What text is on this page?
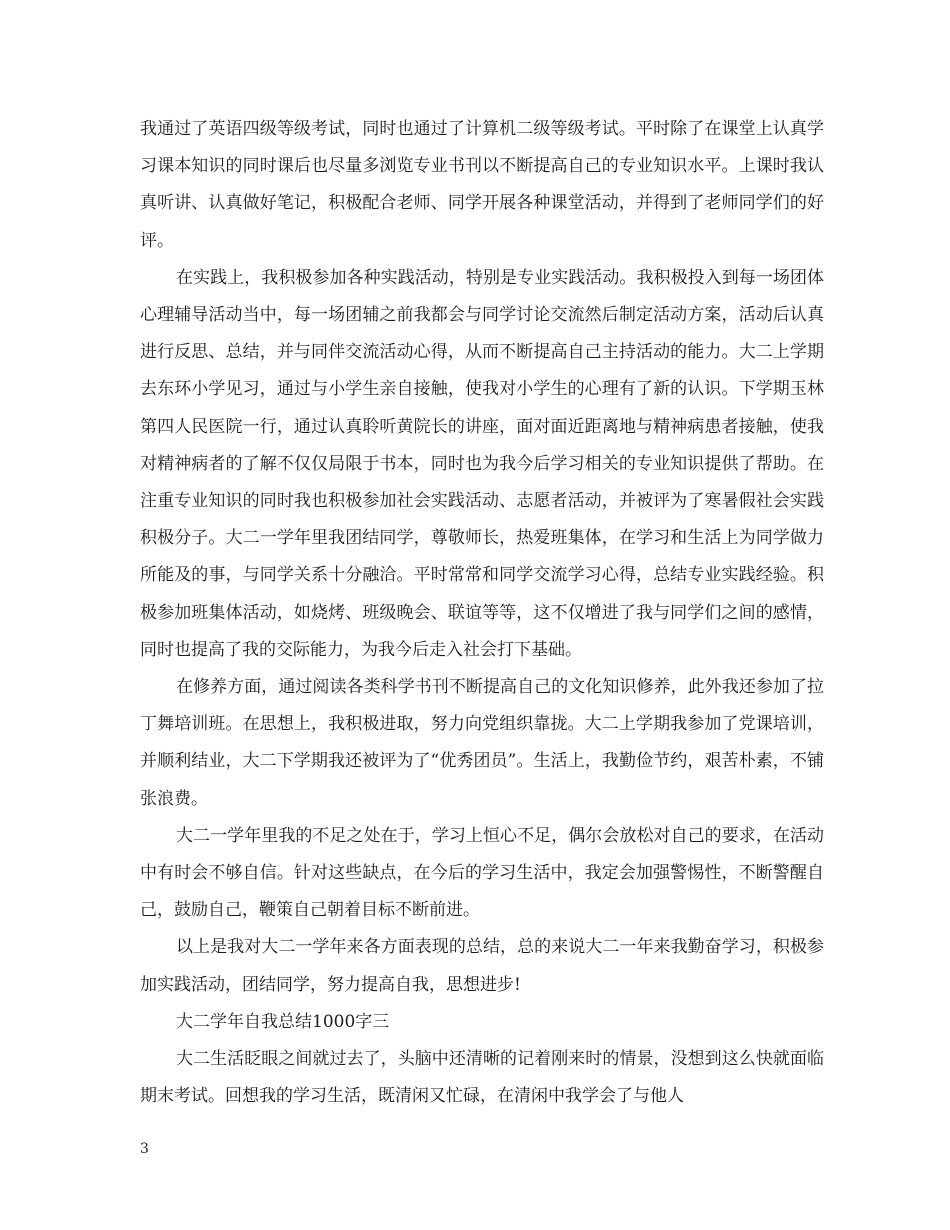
我通过了英语四级等级考试，同时也通过了计算机二级等级考试。平时除了在课堂上认真学习课本知识的同时课后也尽量多浏览专业书刊以不断提高自己的专业知识水平。上课时我认真听讲、认真做好笔记，积极配合老师、同学开展各种课堂活动，并得到了老师同学们的好评。

在实践上，我积极参加各种实践活动，特别是专业实践活动。我积极投入到每一场团体心理辅导活动当中，每一场团辅之前我都会与同学讨论交流然后制定活动方案，活动后认真进行反思、总结，并与同伴交流活动心得，从而不断提高自己主持活动的能力。大二上学期去东环小学见习，通过与小学生亲自接触，使我对小学生的心理有了新的认识。下学期玉林第四人民医院一行，通过认真聆听黄院长的讲座，面对面近距离地与精神病患者接触，使我对精神病者的了解不仅仅局限于书本，同时也为我今后学习相关的专业知识提供了帮助。在注重专业知识的同时我也积极参加社会实践活动、志愿者活动，并被评为了寒暑假社会实践积极分子。大二一学年里我团结同学，尊敬师长，热爱班集体，在学习和生活上为同学做力所能及的事，与同学关系十分融洽。平时常常和同学交流学习心得，总结专业实践经验。积极参加班集体活动，如烧烤、班级晚会、联谊等等，这不仅增进了我与同学们之间的感情，同时也提高了我的交际能力，为我今后走入社会打下基础。

在修养方面，通过阅读各类科学书刊不断提高自己的文化知识修养，此外我还参加了拉丁舞培训班。在思想上，我积极进取，努力向党组织靠拢。大二上学期我参加了党课培训，并顺利结业，大二下学期我还被评为了“优秀团员”。生活上，我勤俭节约，艰苦朴素，不铺张浪费。

大二一学年里我的不足之处在于，学习上恒心不足，偶尔会放松对自己的要求，在活动中有时会不够自信。针对这些缺点，在今后的学习生活中，我定会加强警惕性，不断警醒自己，鼓励自己，鞭策自己朝着目标不断前进。

以上是我对大二一学年来各方面表现的总结，总的来说大二一年来我勤奋学习，积极参加实践活动，团结同学，努力提高自我，思想进步!

大二学年自我总结1000字三

大二生活眨眼之间就过去了，头脑中还清晰的记着刚来时的情景，没想到这么快就面临期末考试。回想我的学习生活，既清闲又忙碌，在清闲中我学会了与他人

3
